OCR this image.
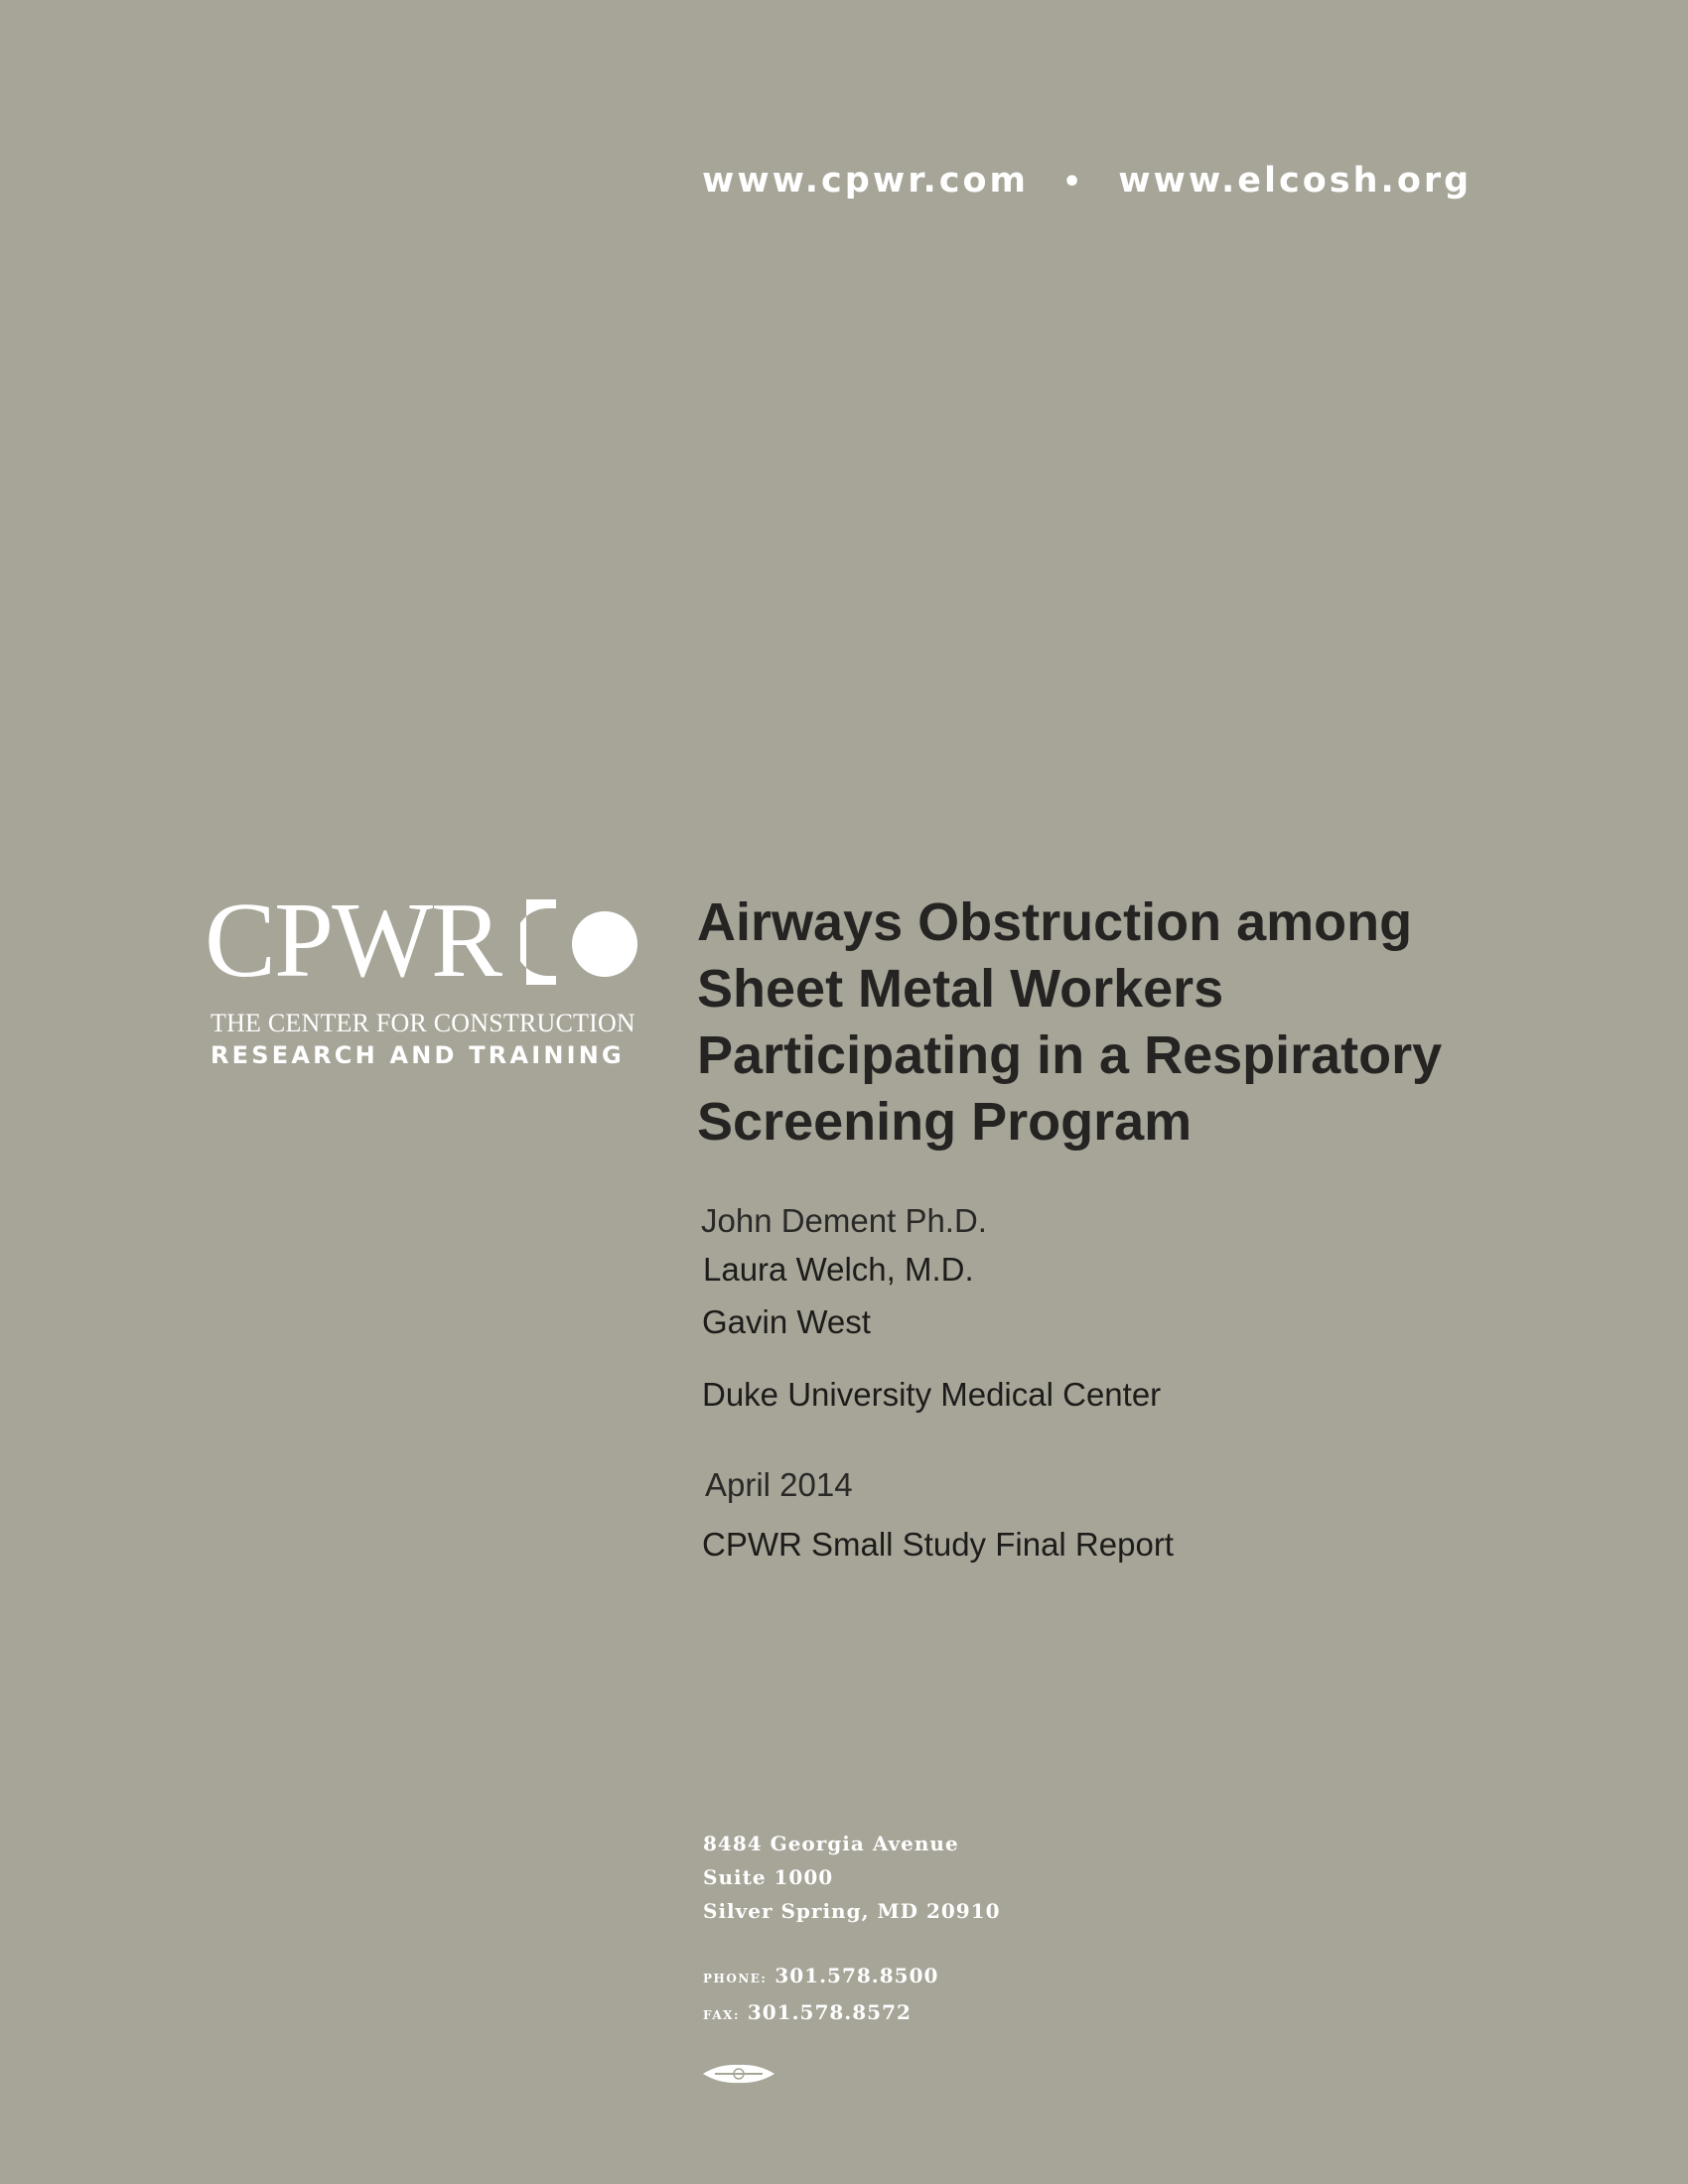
www.cpwr.com • www.elcosh.org
CPWR
THE CENTER FOR CONSTRUCTION
RESEARCH AND TRAINING
Airways Obstruction among
Sheet Metal Workers
Participating in a Respiratory
Screening Program

John Dement Ph.D.

Laura Welch, M.D.

Gavin West

Duke University Medical Center

April 2014

CPWR Small Study Final Report

8484 Georgia Avenue
Suite 1000
Silver Spring, MD 20910
PHONE: 301.578.8500
FAX: 301.578.8572
